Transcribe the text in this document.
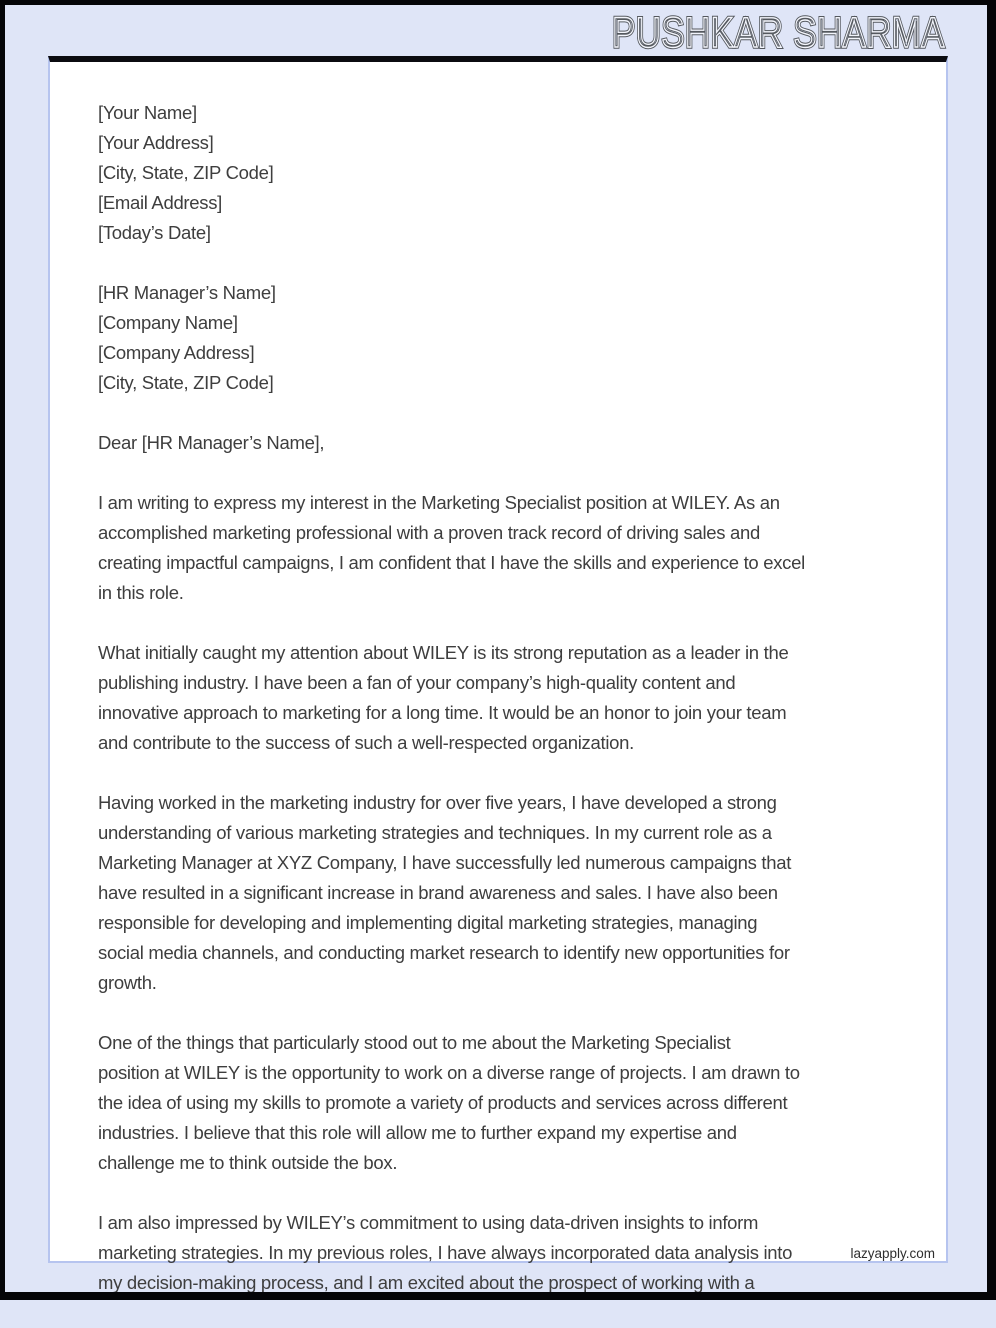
PUSHKAR SHARMA PUSHKAR SHARMA
[Your Name]
[Your Address]
[City, State, ZIP Code]
[Email Address]
[Today’s Date]
[HR Manager’s Name]
[Company Name]
[Company Address]
[City, State, ZIP Code]
Dear [HR Manager’s Name],
I am writing to express my interest in the Marketing Specialist position at WILEY. As an
accomplished marketing professional with a proven track record of driving sales and
creating impactful campaigns, I am confident that I have the skills and experience to excel
in this role.
What initially caught my attention about WILEY is its strong reputation as a leader in the
publishing industry. I have been a fan of your company’s high-quality content and
innovative approach to marketing for a long time. It would be an honor to join your team
and contribute to the success of such a well-respected organization.
Having worked in the marketing industry for over five years, I have developed a strong
understanding of various marketing strategies and techniques. In my current role as a
Marketing Manager at XYZ Company, I have successfully led numerous campaigns that
have resulted in a significant increase in brand awareness and sales. I have also been
responsible for developing and implementing digital marketing strategies, managing
social media channels, and conducting market research to identify new opportunities for
growth.
One of the things that particularly stood out to me about the Marketing Specialist
position at WILEY is the opportunity to work on a diverse range of projects. I am drawn to
the idea of using my skills to promote a variety of products and services across different
industries. I believe that this role will allow me to further expand my expertise and
challenge me to think outside the box.
I am also impressed by WILEY’s commitment to using data-driven insights to inform
marketing strategies. In my previous roles, I have always incorporated data analysis into
my decision-making process, and I am excited about the prospect of working with a
lazyapply.com
